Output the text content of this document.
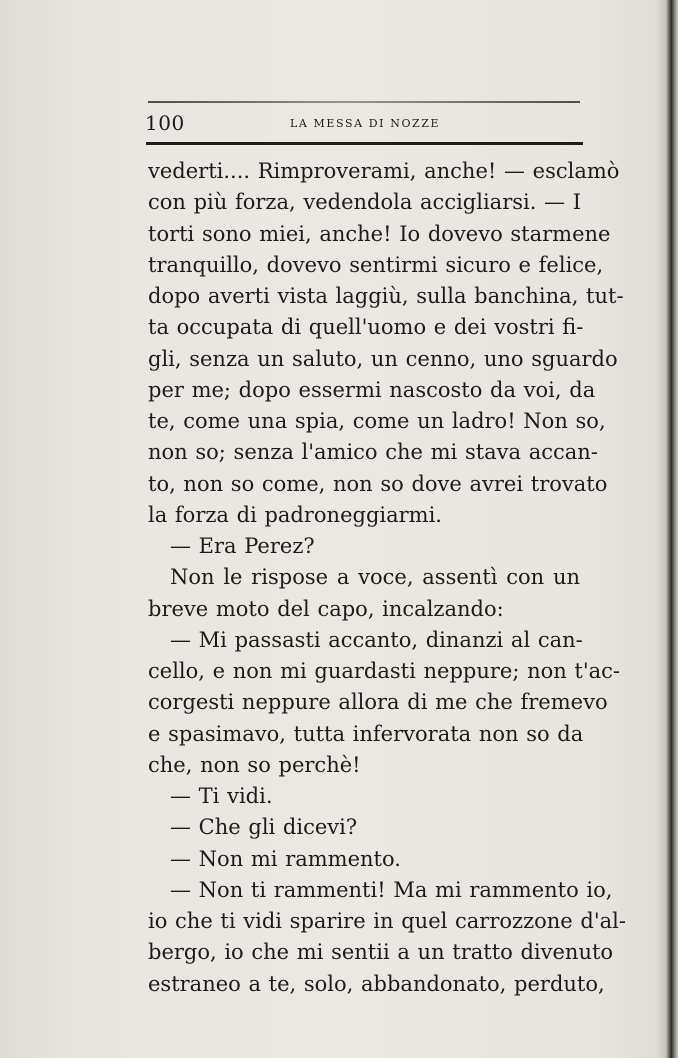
100	LA MESSA DI NOZZE
vederti.... Rimproverami, anche! — esclamò
con più forza, vedendola accigliarsi. — I
torti sono miei, anche! Io dovevo starmene
tranquillo, dovevo sentirmi sicuro e felice,
dopo averti vista laggiù, sulla banchina, tut-
ta occupata di quell'uomo e dei vostri fi-
gli, senza un saluto, un cenno, uno sguardo
per me; dopo essermi nascosto da voi, da
te, come una spia, come un ladro! Non so,
non so; senza l'amico che mi stava accan-
to, non so come, non so dove avrei trovato
la forza di padroneggiarmi.
— Era Perez?
Non le rispose a voce, assentì con un
breve moto del capo, incalzando:
— Mi passasti accanto, dinanzi al can-
cello, e non mi guardasti neppure; non t'ac-
corgesti neppure allora di me che fremevo
e spasimavo, tutta infervorata non so da
che, non so perchè!
— Ti vidi.
— Che gli dicevi?
— Non mi rammento.
— Non ti rammenti! Ma mi rammento io,
io che ti vidi sparire in quel carrozzone d'al-
bergo, io che mi sentii a un tratto divenuto
estraneo a te, solo, abbandonato, perduto,
